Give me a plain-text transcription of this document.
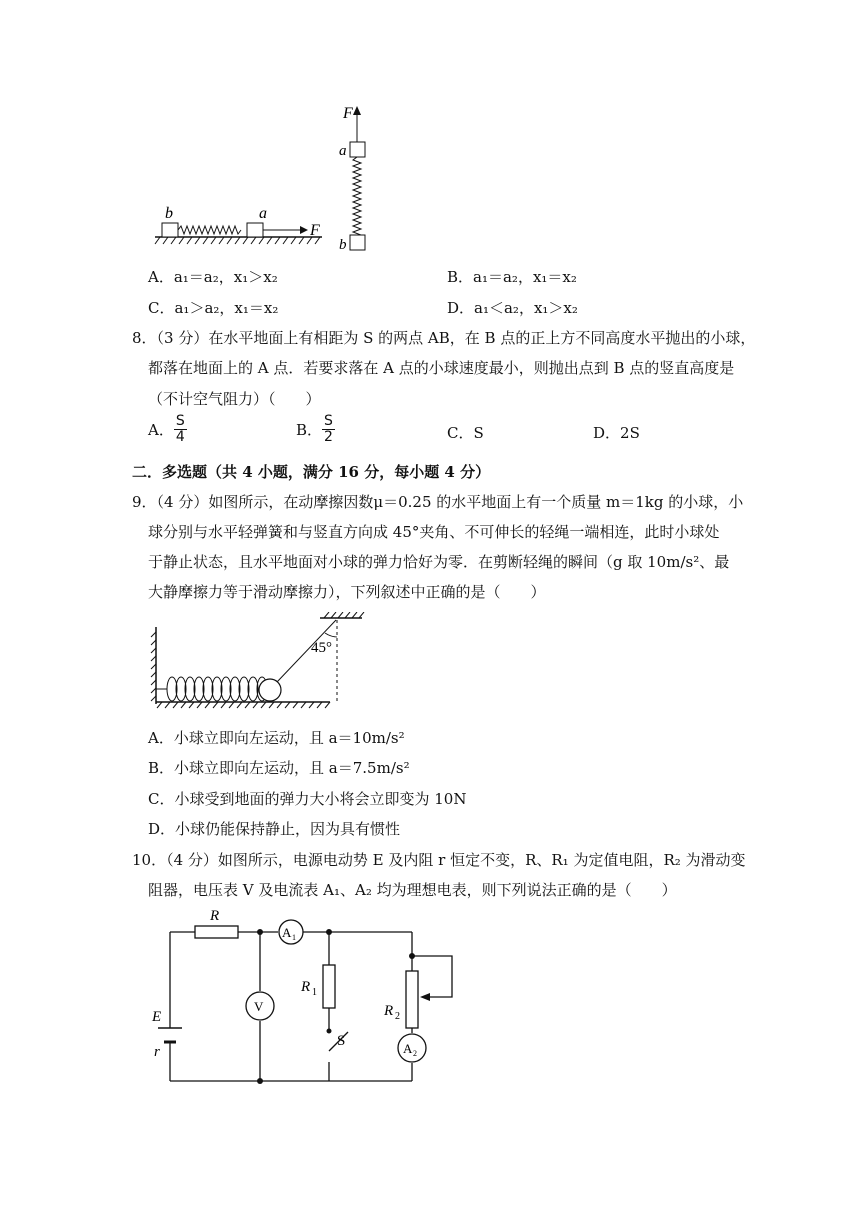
b	a
F
F
a
b
A．a₁＝a₂，x₁＞x₂	B．a₁＝a₂，x₁＝x₂
C．a₁＞a₂，x₁＝x₂	D．a₁＜a₂，x₁＞x₂
8．（3 分）在水平地面上有相距为 S 的两点 AB，在 B 点的正上方不同高度水平抛出的小球，
都落在地面上的 A 点．若要求落在 A 点的小球速度最小，则抛出点到 B 点的竖直高度是
（不计空气阻力）（　　）
A． $\frac{S}{4}$	B． $\frac{S}{2}$	C．S	D．2S
二．多选题（共 4 小题，满分 16 分，每小题 4 分）
9．（4 分）如图所示，在动摩擦因数μ＝0.25 的水平地面上有一个质量 m＝1kg 的小球，小
球分别与水平轻弹簧和与竖直方向成 45°夹角、不可伸长的轻绳一端相连，此时小球处
于静止状态，且水平地面对小球的弹力恰好为零．在剪断轻绳的瞬间（g 取 10m/s²、最
大静摩擦力等于滑动摩擦力），下列叙述中正确的是（　　）
45°
A．小球立即向左运动，且 a＝10m/s²
B．小球立即向左运动，且 a＝7.5m/s²
C．小球受到地面的弹力大小将会立即变为 10N
D．小球仍能保持静止，因为具有惯性
10．（4 分）如图所示，电源电动势 E 及内阻 r 恒定不变，R、R₁ 为定值电阻，R₂ 为滑动变
阻器，电压表 V 及电流表 A₁、A₂ 均为理想电表，则下列说法正确的是（　　）
R
A 1
V
R 1
S
R 2
A 2
E
r
